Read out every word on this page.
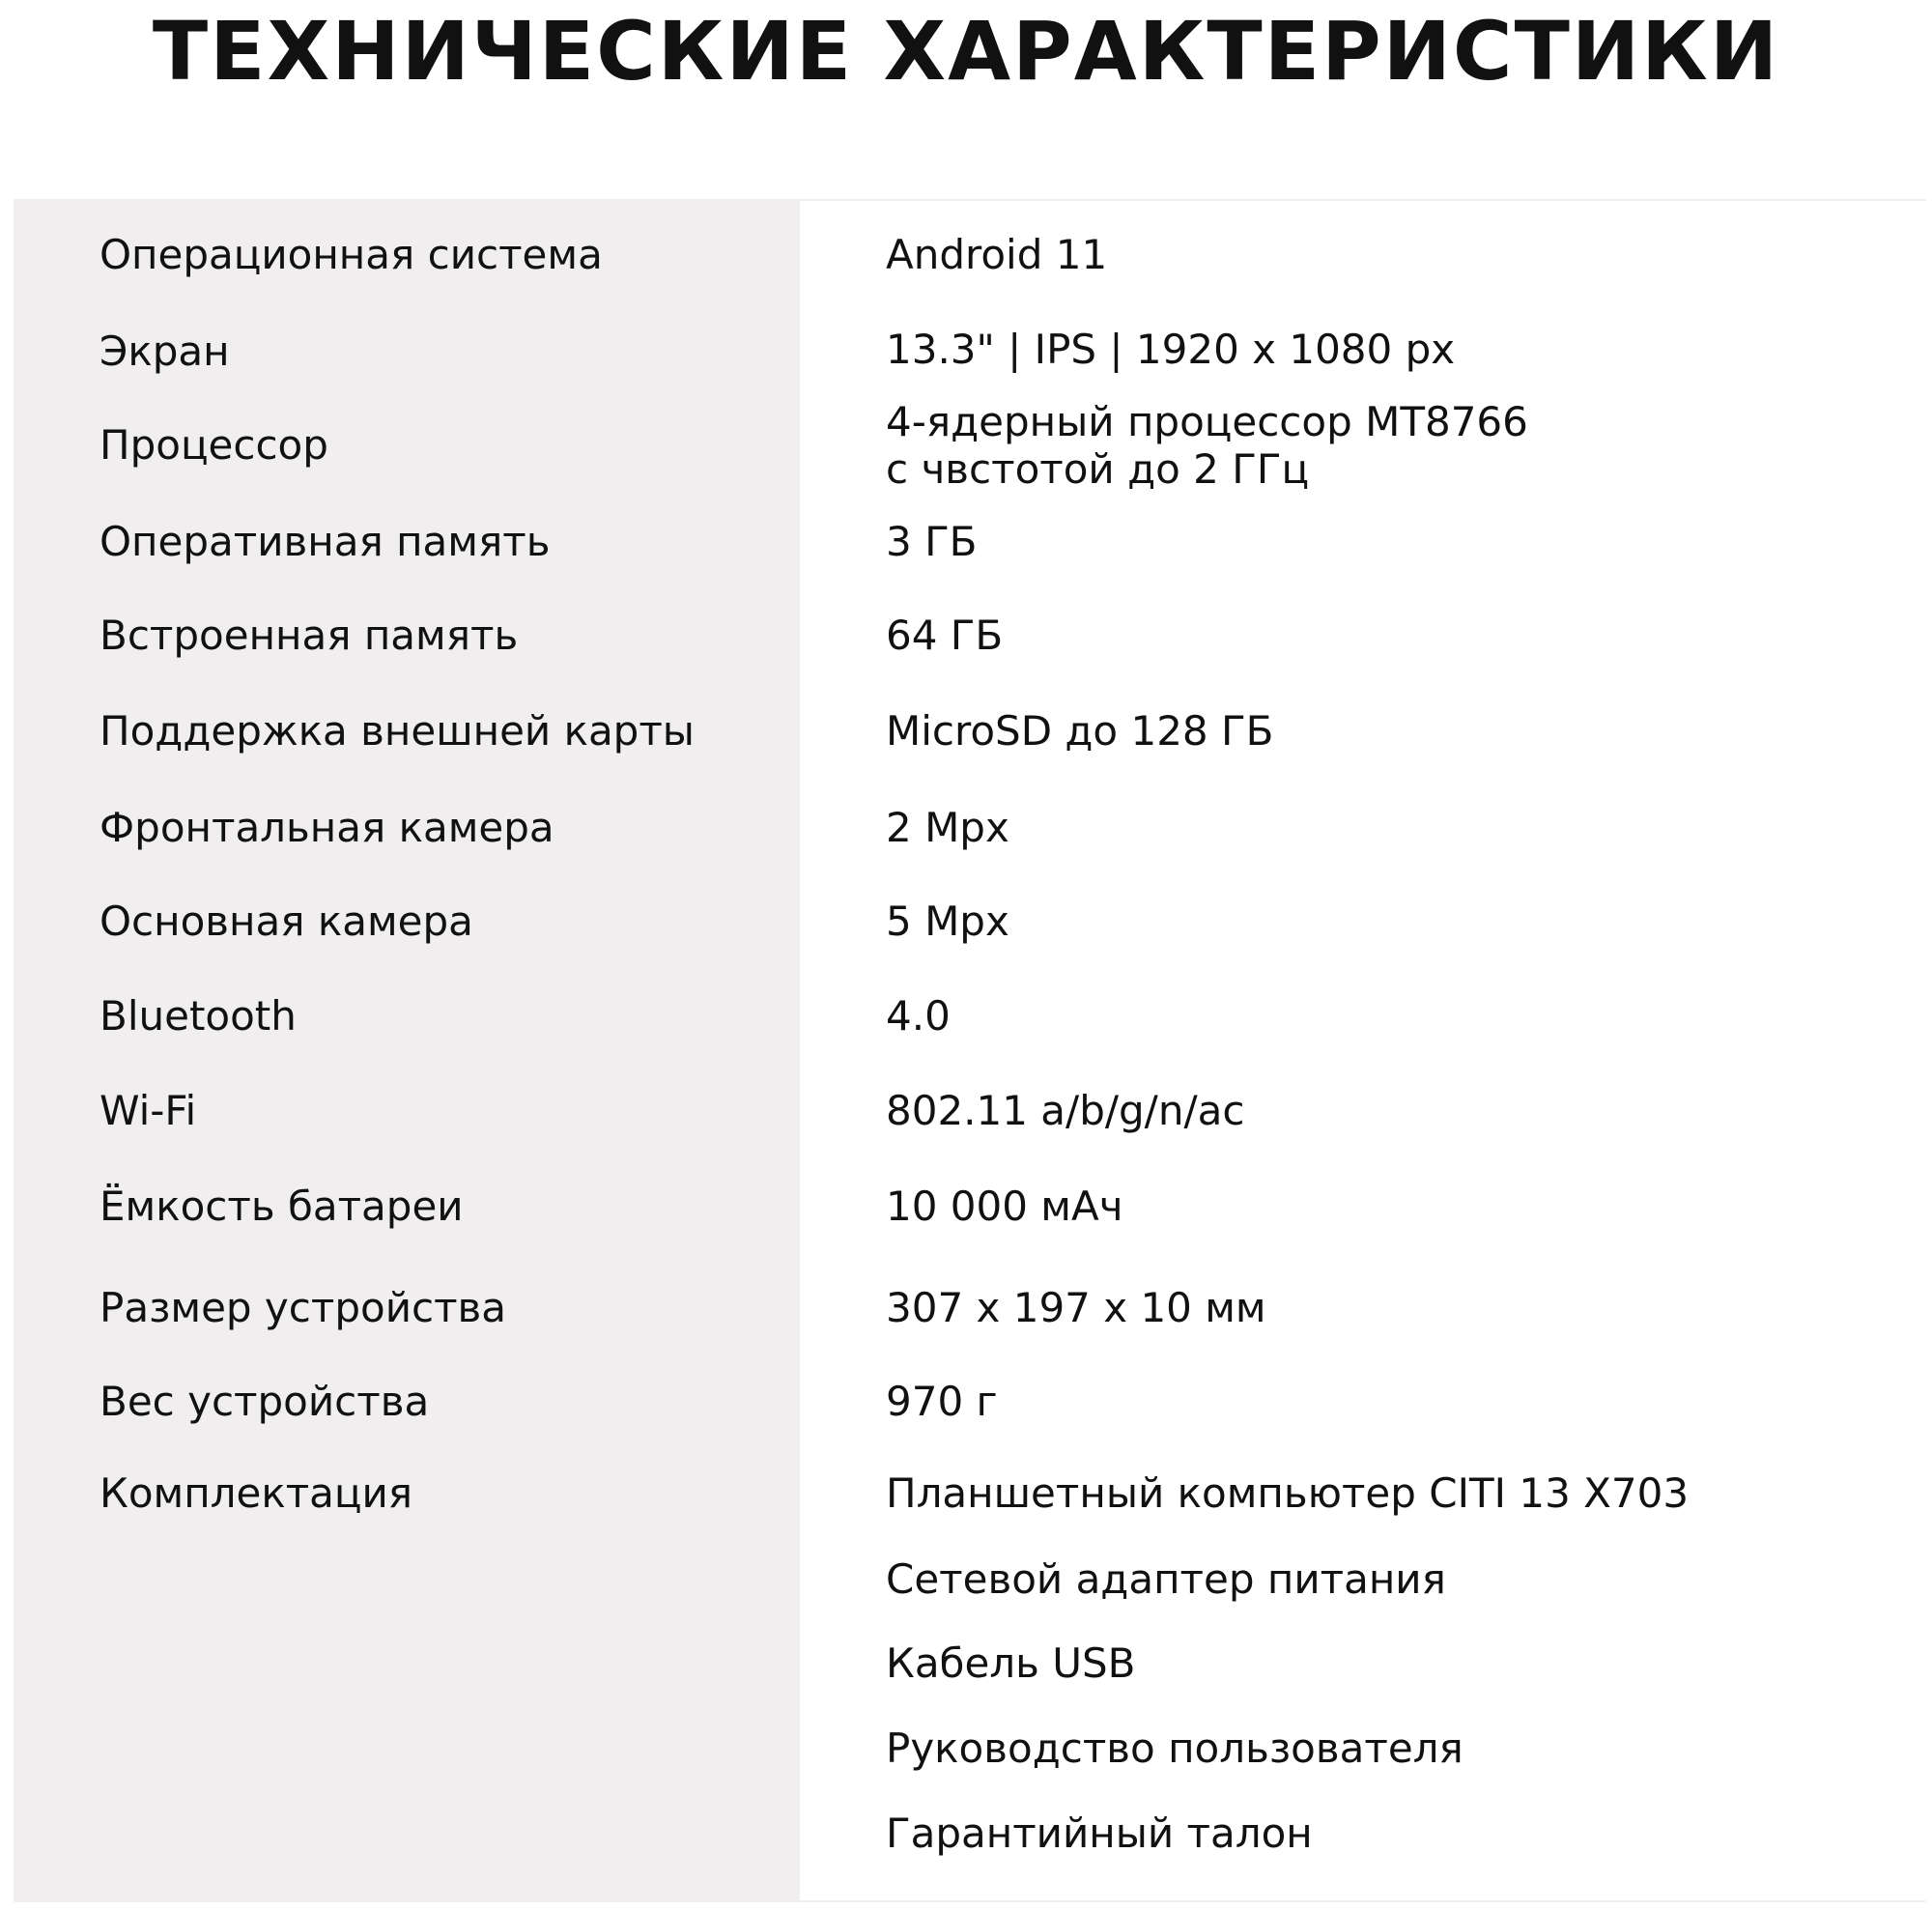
ТЕХНИЧЕСКИЕ ХАРАКТЕРИСТИКИ
Операционная система	Android 11
Экран	13.3" | IPS | 1920 x 1080 px
Процессор	4-ядерный процессор MT8766
с чвстотой до 2 ГГц
Оперативная память	3 ГБ
Встроенная память	64 ГБ
Поддержка внешней карты	MicroSD до 128 ГБ
Фронтальная камера	2 Mpx
Основная камера	5 Mpx
Bluetooth	4.0
Wi-Fi	802.11 a/b/g/n/ac
Ёмкость батареи	10 000 мАч
Размер устройства	307 x 197 x 10 мм
Вес устройства	970 г
Комплектация	Планшетный компьютер CITI 13 X703
Сетевой адаптер питания
Кабель USB
Руководство пользователя
Гарантийный талон
